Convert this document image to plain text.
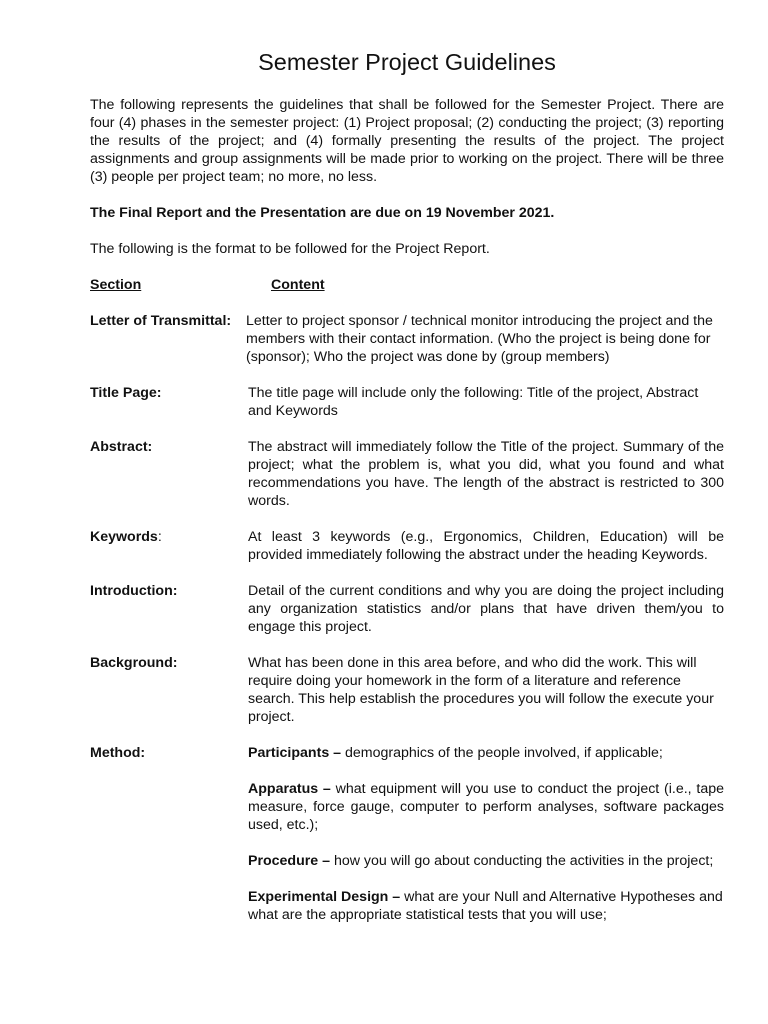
Semester Project Guidelines

The following represents the guidelines that shall be followed for the Semester Project. There are four (4) phases in the semester project: (1) Project proposal; (2) conducting the project; (3) reporting the results of the project; and (4) formally presenting the results of the project. The project assignments and group assignments will be made prior to working on the project. There will be three (3) people per project team; no more, no less.

The Final Report and the Presentation are due on 19 November 2021.

The following is the format to be followed for the Project Report.

Section	Content
Letter of Transmittal:	Letter to project sponsor / technical monitor introducing the project and the members with their contact information. (Who the project is being done for (sponsor); Who the project was done by (group members)
Title Page:	The title page will include only the following: Title of the project, Abstract and Keywords
Abstract:	The abstract will immediately follow the Title of the project. Summary of the project; what the problem is, what you did, what you found and what recommendations you have. The length of the abstract is restricted to 300 words.
Keywords:	At least 3 keywords (e.g., Ergonomics, Children, Education) will be provided immediately following the abstract under the heading Keywords.
Introduction:	Detail of the current conditions and why you are doing the project including any organization statistics and/or plans that have driven them/you to engage this project.
Background:	What has been done in this area before, and who did the work. This will require doing your homework in the form of a literature and reference search. This help establish the procedures you will follow the execute your project.
Method:	Participants – demographics of the people involved, if applicable;

Apparatus – what equipment will you use to conduct the project (i.e., tape measure, force gauge, computer to perform analyses, software packages used, etc.);

Procedure – how you will go about conducting the activities in the project;

Experimental Design – what are your Null and Alternative Hypotheses and what are the appropriate statistical tests that you will use;
